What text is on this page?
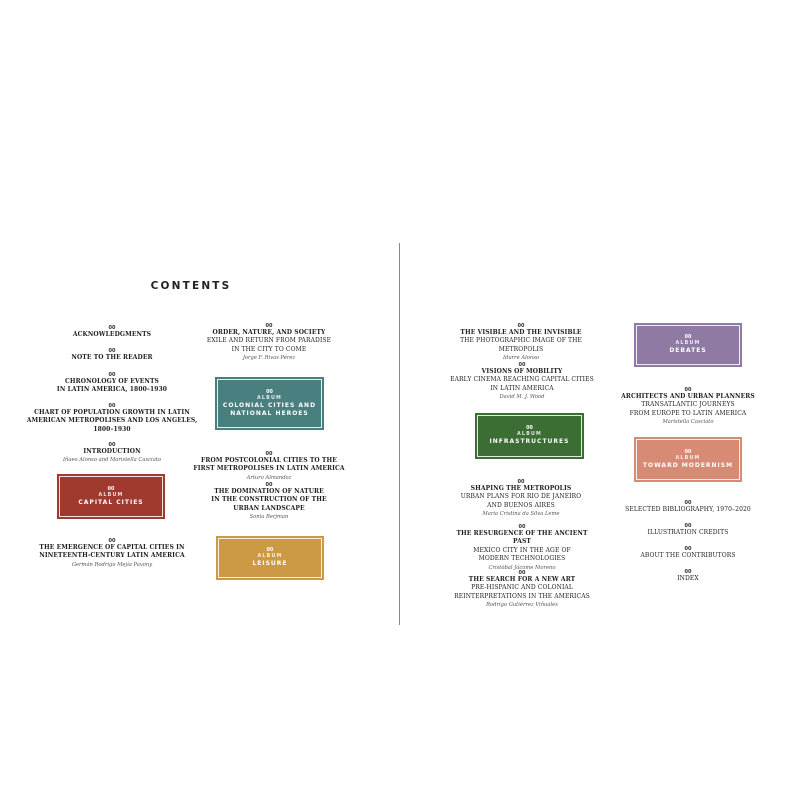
CONTENTS
00
ACKNOWLEDGMENTS
00
NOTE TO THE READER
00
CHRONOLOGY OF EVENTS
IN LATIN AMERICA, 1800–1930
00
CHART OF POPULATION GROWTH IN LATIN
AMERICAN METROPOLISES AND LOS ANGELES,
1800–1930
00
INTRODUCTION
Iñaeo Alonso and Maristella Casciato
00
ALBUM
CAPITAL CITIES
00
THE EMERGENCE OF CAPITAL CITIES IN
NINETEENTH-CENTURY LATIN AMERICA
Germán Rodrigo Mejía Pavony
00
ORDER, NATURE, AND SOCIETY
EXILE AND RETURN FROM PARADISE
IN THE CITY TO COME
Jorge F. Rivas Pérez
00
ALBUM
COLONIAL CITIES AND
NATIONAL HEROES
00
FROM POSTCOLONIAL CITIES TO THE
FIRST METROPOLISES IN LATIN AMERICA
Arturo Almandoz
00
THE DOMINATION OF NATURE
IN THE CONSTRUCTION OF THE
URBAN LANDSCAPE
Sonia Berjman
00
ALBUM
LEISURE
00
THE VISIBLE AND THE INVISIBLE
THE PHOTOGRAPHIC IMAGE OF THE METROPOLIS
Idurre Alonso
00
VISIONS OF MOBILITY
EARLY CINEMA REACHING CAPITAL CITIES
IN LATIN AMERICA
David M. J. Wood
00
ALBUM
INFRASTRUCTURES
00
SHAPING THE METROPOLIS
URBAN PLANS FOR RIO DE JANEIRO
AND BUENOS AIRES
Maria Cristina da Silva Leme
00
THE RESURGENCE OF THE ANCIENT PAST
MEXICO CITY IN THE AGE OF
MODERN TECHNOLOGIES
Cristóbal Jácome Moreno
00
THE SEARCH FOR A NEW ART
PRE-HISPANIC AND COLONIAL
REINTERPRETATIONS IN THE AMERICAS
Rodrigo Gutiérrez Viñuales
00
ALBUM
DEBATES
00
ARCHITECTS AND URBAN PLANNERS
TRANSATLANTIC JOURNEYS
FROM EUROPE TO LATIN AMERICA
Maristella Casciato
00
ALBUM
TOWARD MODERNISM
00
SELECTED BIBLIOGRAPHY, 1970–2020
00
ILLUSTRATION CREDITS
00
ABOUT THE CONTRIBUTORS
00
INDEX
